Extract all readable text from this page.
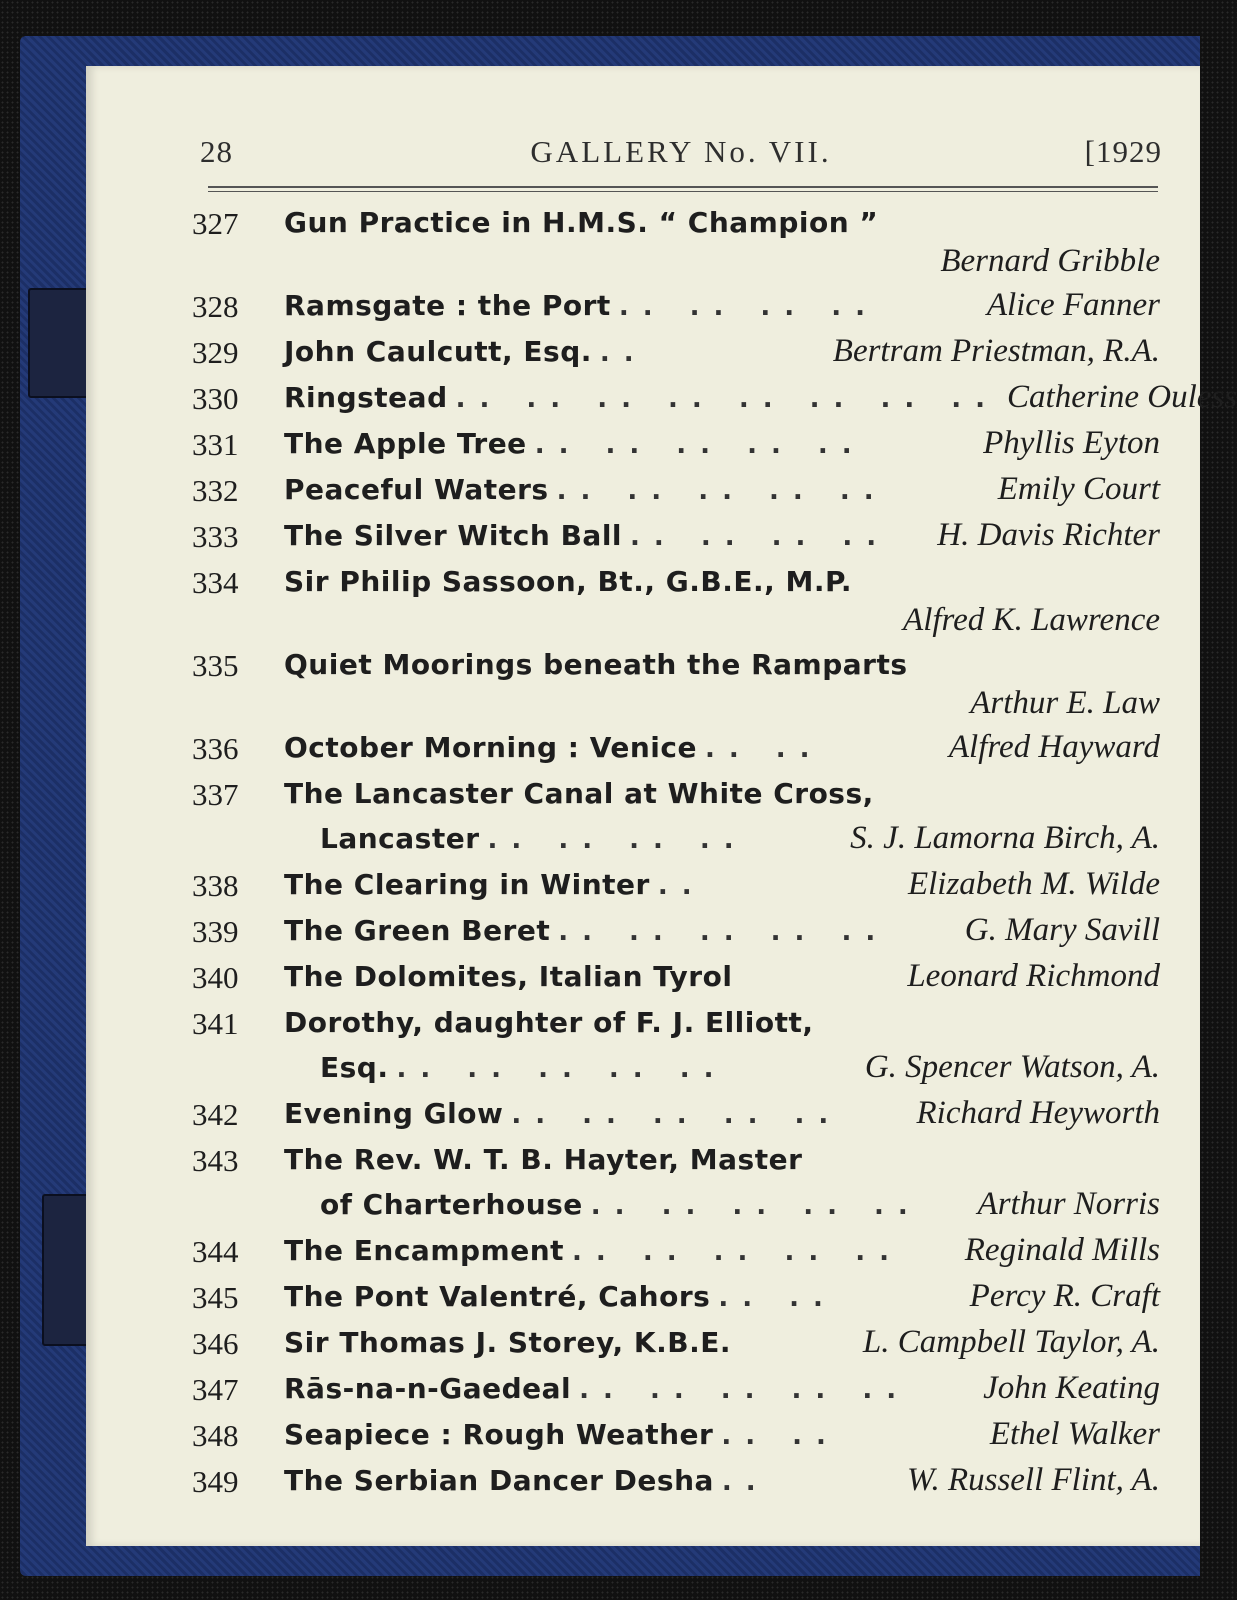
28	GALLERY No. VII.	[1929
327	Gun Practice in H.M.S. “ Champion ”
Bernard Gribble
328	Ramsgate : the Port .. .. .. ..	Alice Fanner
329	John Caulcutt, Esq. ..	Bertram Priestman, R.A.
330	Ringstead .. .. .. .. .. .. .. .. Catherine Ouless
331	The Apple Tree .. .. .. .. ..	Phyllis Eyton
332	Peaceful Waters .. .. .. .. ..	Emily Court
333	The Silver Witch Ball .. .. .. ..	H. Davis Richter
334	Sir Philip Sassoon, Bt., G.B.E., M.P.
Alfred K. Lawrence
335	Quiet Moorings beneath the Ramparts
Arthur E. Law
336	October Morning : Venice .. ..	Alfred Hayward
337	The Lancaster Canal at White Cross,
Lancaster .. .. .. ..	S. J. Lamorna Birch, A.
338	The Clearing in Winter ..	Elizabeth M. Wilde
339	The Green Beret .. .. .. .. ..	G. Mary Savill
340	The Dolomites, Italian Tyrol	Leonard Richmond
341	Dorothy, daughter of F. J. Elliott,
Esq. .. .. .. .. ..	G. Spencer Watson, A.
342	Evening Glow .. .. .. .. ..	Richard Heyworth
343	The Rev. W. T. B. Hayter, Master
of Charterhouse .. .. .. .. ..	Arthur Norris
344	The Encampment .. .. .. .. ..	Reginald Mills
345	The Pont Valentré, Cahors .. ..	Percy R. Craft
346	Sir Thomas J. Storey, K.B.E.	L. Campbell Taylor, A.
347	Rās-na-n-Gaedeal .. .. .. .. ..	John Keating
348	Seapiece : Rough Weather .. ..	Ethel Walker
349	The Serbian Dancer Desha ..	W. Russell Flint, A.
